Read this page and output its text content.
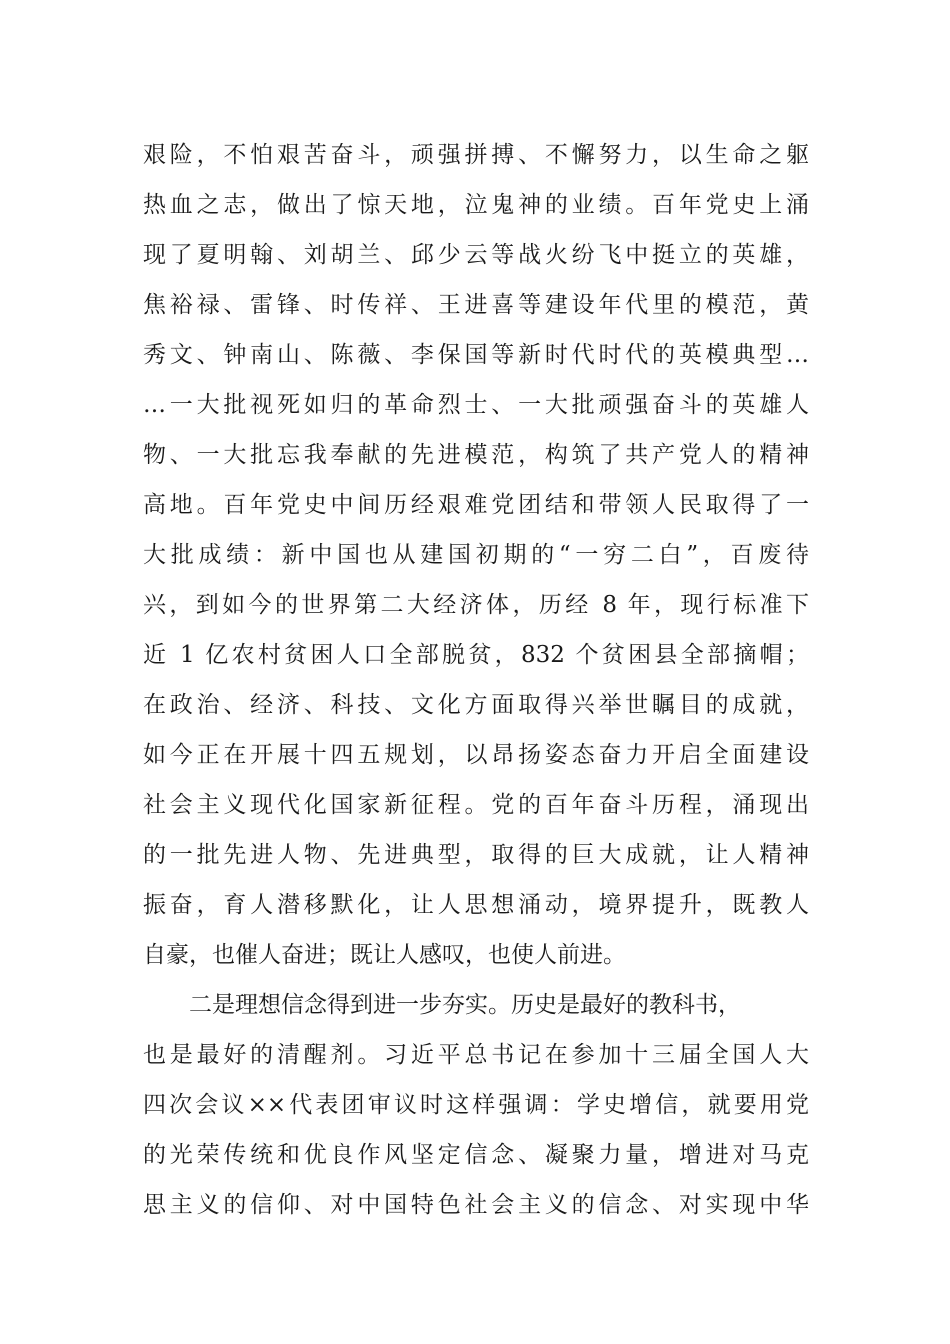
艰险，不怕艰苦奋斗，顽强拼搏、不懈努力，以生命之躯
热血之志，做出了惊天地，泣鬼神的业绩。百年党史上涌
现了夏明翰、刘胡兰、邱少云等战火纷飞中挺立的英雄，
焦裕禄、雷锋、时传祥、王进喜等建设年代里的模范，黄
秀文、钟南山、陈薇、李保国等新时代时代的英模典型…
…一大批视死如归的革命烈士、一大批顽强奋斗的英雄人
物、一大批忘我奉献的先进模范，构筑了共产党人的精神
高地。百年党史中间历经艰难党团结和带领人民取得了一
大批成绩：新中国也从建国初期的“一穷二白”，百废待
兴，到如今的世界第二大经济体，历经 8 年，现行标准下
近 1 亿农村贫困人口全部脱贫，832 个贫困县全部摘帽；
在政治、经济、科技、文化方面取得兴举世瞩目的成就，
如今正在开展十四五规划，以昂扬姿态奋力开启全面建设
社会主义现代化国家新征程。党的百年奋斗历程，涌现出
的一批先进人物、先进典型，取得的巨大成就，让人精神
振奋，育人潜移默化，让人思想涌动，境界提升，既教人
自豪，也催人奋进；既让人感叹，也使人前进。
二是理想信念得到进一步夯实。历史是最好的教科书，
也是最好的清醒剂。习近平总书记在参加十三届全国人大
四次会议××代表团审议时这样强调：学史增信，就要用党
的光荣传统和优良作风坚定信念、凝聚力量，增进对马克
思主义的信仰、对中国特色社会主义的信念、对实现中华
